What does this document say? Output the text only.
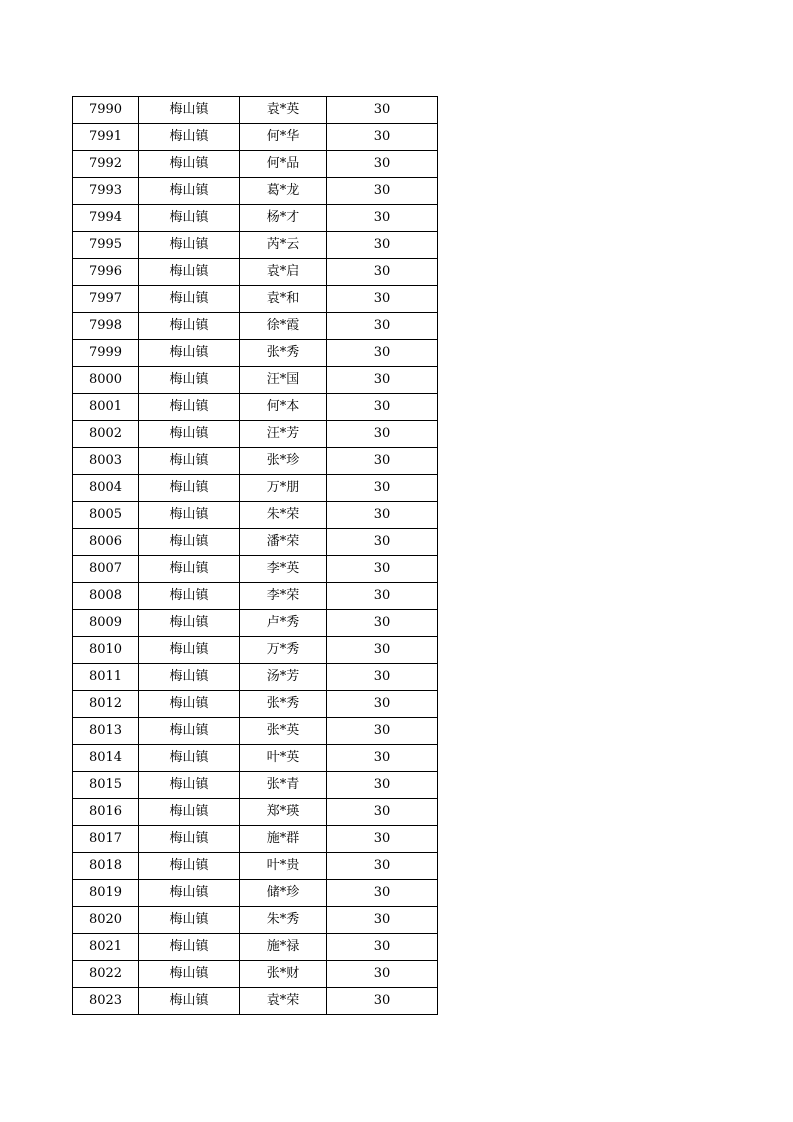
7990	梅山镇	袁*英	30
7991	梅山镇	何*华	30
7992	梅山镇	何*品	30
7993	梅山镇	葛*龙	30
7994	梅山镇	杨*才	30
7995	梅山镇	芮*云	30
7996	梅山镇	袁*启	30
7997	梅山镇	袁*和	30
7998	梅山镇	徐*霞	30
7999	梅山镇	张*秀	30
8000	梅山镇	汪*国	30
8001	梅山镇	何*本	30
8002	梅山镇	汪*芳	30
8003	梅山镇	张*珍	30
8004	梅山镇	万*朋	30
8005	梅山镇	朱*荣	30
8006	梅山镇	潘*荣	30
8007	梅山镇	李*英	30
8008	梅山镇	李*荣	30
8009	梅山镇	卢*秀	30
8010	梅山镇	万*秀	30
8011	梅山镇	汤*芳	30
8012	梅山镇	张*秀	30
8013	梅山镇	张*英	30
8014	梅山镇	叶*英	30
8015	梅山镇	张*青	30
8016	梅山镇	郑*瑛	30
8017	梅山镇	施*群	30
8018	梅山镇	叶*贵	30
8019	梅山镇	储*珍	30
8020	梅山镇	朱*秀	30
8021	梅山镇	施*禄	30
8022	梅山镇	张*财	30
8023	梅山镇	袁*荣	30
